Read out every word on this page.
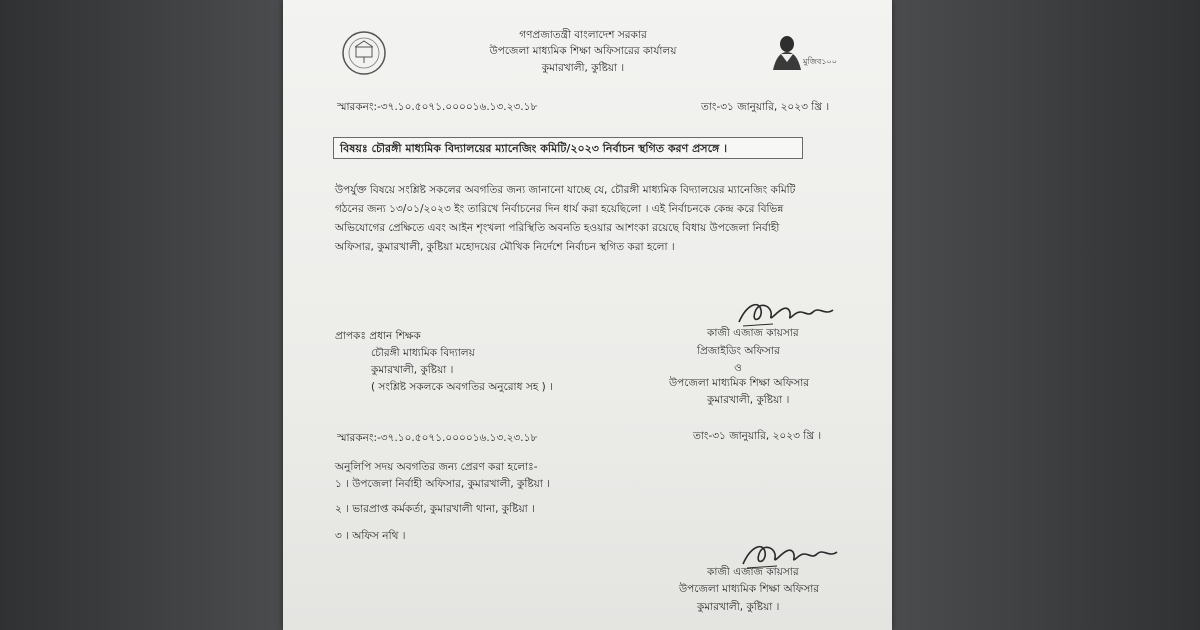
মুজিব১০০
গণপ্রজাতন্ত্রী বাংলাদেশ সরকার
উপজেলা মাধ্যমিক শিক্ষা অফিসারের কার্যালয়
কুমারখালী, কুষ্টিয়া ।
স্মারকনং:-৩৭.১০.৫০৭১.০০০০১৬.১৩.২৩.১৮	তাং-৩১ জানুয়ারি, ২০২৩ খ্রি ।
বিষয়ঃ চৌরঙ্গী মাধ্যমিক বিদ্যালয়ের ম্যানেজিং কমিটি/২০২৩ নির্বাচন স্থগিত করণ প্রসঙ্গে ।
উপর্যুক্ত বিষয়ে সংশ্লিষ্ট সকলের অবগতির জন্য জানানো যাচ্ছে যে, চৌরঙ্গী মাধ্যমিক বিদ্যালয়ের ম্যানেজিং কমিটি
গঠনের জন্য ১৩/০১/২০২৩ ইং তারিখে নির্বাচনের দিন ধার্য করা হয়েছিলো । এই নির্বাচনকে কেন্দ্র করে বিভিন্ন
অভিযোগের প্রেক্ষিতে এবং আইন শৃংখলা পরিস্থিতি অবনতি হওয়ার আশংকা রয়েছে বিধায় উপজেলা নির্বাহী
অফিসার, কুমারখালী, কুষ্টিয়া মহোদয়ের মৌখিক নির্দেশে নির্বাচন স্থগিত করা হলো ।
কাজী এজাজ কায়সার
প্রিজাইডিং অফিসার
ও
উপজেলা মাধ্যমিক শিক্ষা অফিসার
কুমারখালী, কুষ্টিয়া ।
প্রাপকঃ প্রধান শিক্ষক
চৌরঙ্গী মাধ্যমিক বিদ্যালয়
কুমারখালী, কুষ্টিয়া ।
( সংশ্লিষ্ট সকলকে অবগতির অনুরোধ সহ ) ।
স্মারকনং:-৩৭.১০.৫০৭১.০০০০১৬.১৩.২৩.১৮	তাং-৩১ জানুয়ারি, ২০২৩ খ্রি ।
অনুলিপি সদয় অবগতির জন্য প্রেরণ করা হলোঃ-
১ । উপজেলা নির্বাহী অফিসার, কুমারখালী, কুষ্টিয়া ।
২ । ভারপ্রাপ্ত কর্মকর্তা, কুমারখালী থানা, কুষ্টিয়া ।
৩ । অফিস নথি ।
কাজী এজাজ কায়সার
উপজেলা মাধ্যমিক শিক্ষা অফিসার
কুমারখালী, কুষ্টিয়া ।
